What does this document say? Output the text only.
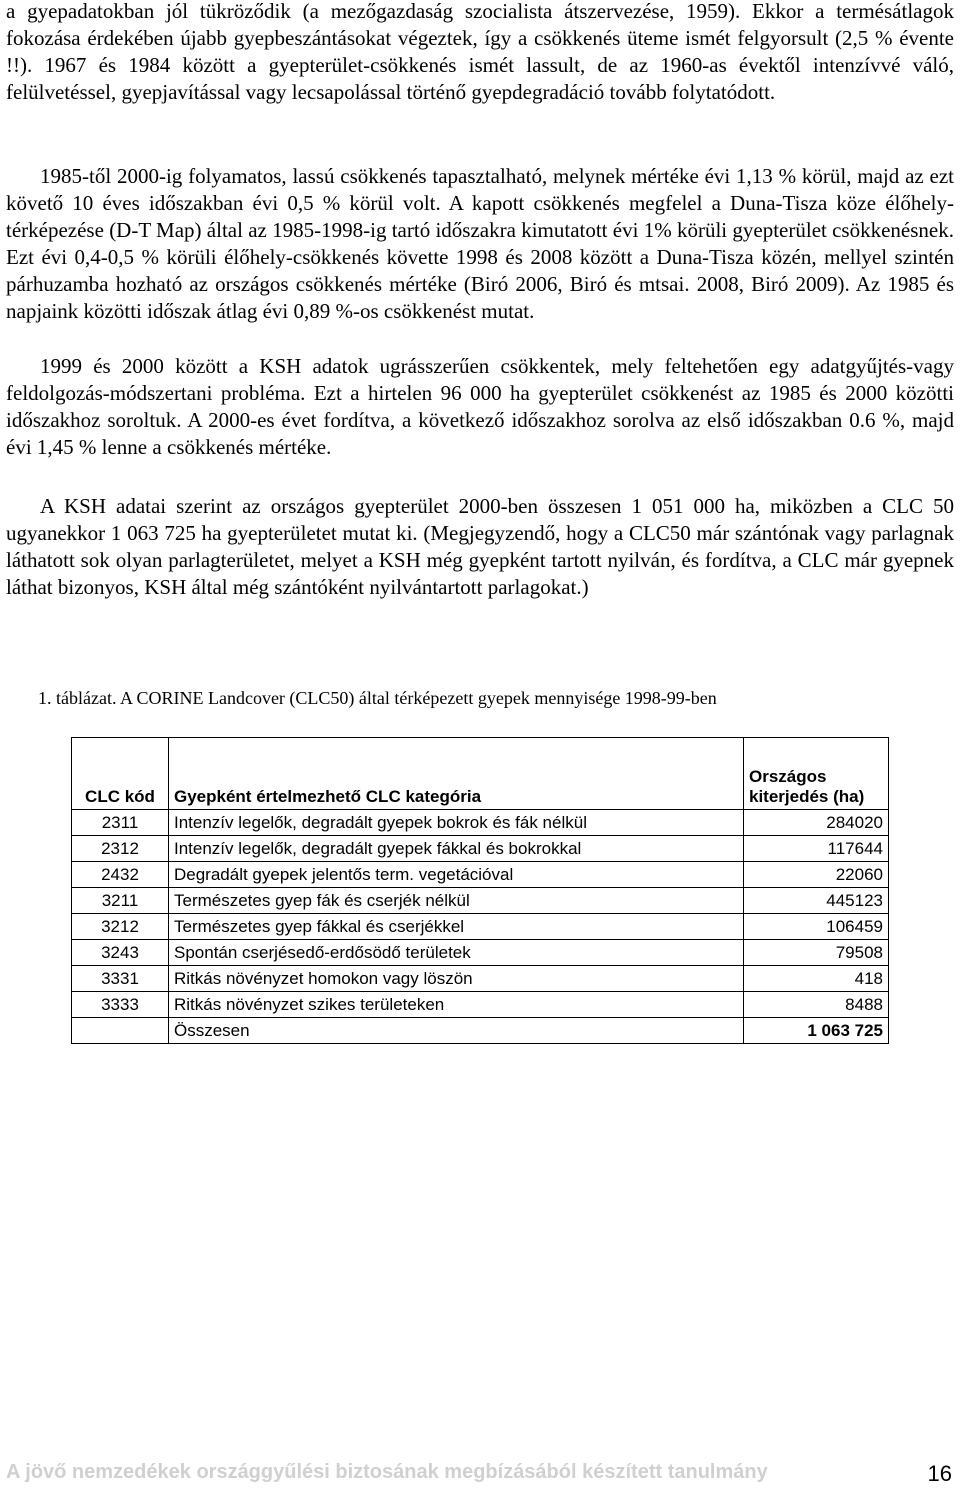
a gyepadatokban jól tükröződik (a mezőgazdaság szocialista átszervezése, 1959). Ekkor a termésátlagok fokozása érdekében újabb gyepbeszántásokat végeztek, így a csökkenés üteme ismét felgyorsult (2,5 % évente !!). 1967 és 1984 között a gyepterület-csökkenés ismét lassult, de az 1960-as évektől intenzívvé váló, felülvetéssel, gyepjavítással vagy lecsapolással történő gyepdegradáció tovább folytatódott.

1985-től 2000-ig folyamatos, lassú csökkenés tapasztalható, melynek mértéke évi 1,13 % körül, majd az ezt követő 10 éves időszakban évi 0,5 % körül volt. A kapott csökkenés megfelel a Duna-Tisza köze élőhely-térképezése (D-T Map) által az 1985-1998-ig tartó időszakra kimutatott évi 1% körüli gyepterület csökkenésnek. Ezt évi 0,4-0,5 % körüli élőhely-csökkenés követte 1998 és 2008 között a Duna-Tisza közén, mellyel szintén párhuzamba hozható az országos csökkenés mértéke (Biró 2006, Biró és mtsai. 2008, Biró 2009). Az 1985 és napjaink közötti időszak átlag évi 0,89 %-os csökkenést mutat.

1999 és 2000 között a KSH adatok ugrásszerűen csökkentek, mely feltehetően egy adatgyűjtés-vagy feldolgozás-módszertani probléma. Ezt a hirtelen 96 000 ha gyepterület csökkenést az 1985 és 2000 közötti időszakhoz soroltuk. A 2000-es évet fordítva, a következő időszakhoz sorolva az első időszakban 0.6 %, majd évi 1,45 % lenne a csökkenés mértéke.

A KSH adatai szerint az országos gyepterület 2000-ben összesen 1 051 000 ha, miközben a CLC 50 ugyanekkor 1 063 725 ha gyepterületet mutat ki. (Megjegyzendő, hogy a CLC50 már szántónak vagy parlagnak láthatott sok olyan parlagterületet, melyet a KSH még gyepként tartott nyilván, és fordítva, a CLC már gyepnek láthat bizonyos, KSH által még szántóként nyilvántartott parlagokat.)

1. táblázat. A CORINE Landcover (CLC50) által térképezett gyepek mennyisége 1998-99-ben

CLC kód	Gyepként értelmezhető CLC kategória	Országos kiterjedés (ha)
2311	Intenzív legelők, degradált gyepek bokrok és fák nélkül	284020
2312	Intenzív legelők, degradált gyepek fákkal és bokrokkal	117644
2432	Degradált gyepek jelentős term. vegetációval	22060
3211	Természetes gyep fák és cserjék nélkül	445123
3212	Természetes gyep fákkal és cserjékkel	106459
3243	Spontán cserjésedő-erdősödő területek	79508
3331	Ritkás növényzet homokon vagy löszön	418
3333	Ritkás növényzet szikes területeken	8488
	Összesen	1 063 725

A jövő nemzedékek országgyűlési biztosának megbízásából készített tanulmány	16
